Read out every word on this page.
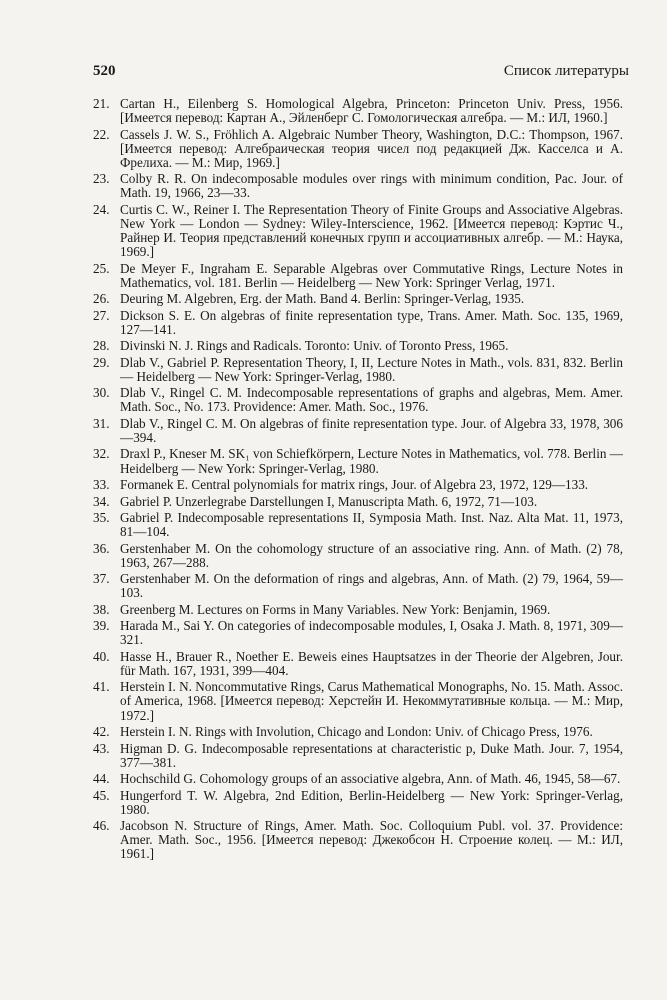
520	Список литературы
21. Cartan H., Eilenberg S. Homological Algebra, Princeton: Princeton Univ. Press, 1956. [Имеется перевод: Картан А., Эйленберг С. Гомологическая алгебра. — М.: ИЛ, 1960.]
22. Cassels J. W. S., Fröhlich A. Algebraic Number Theory, Washington, D.C.: Thompson, 1967. [Имеется перевод: Алгебраическая теория чисел под редакцией Дж. Касселса и А. Фрелиха. — М.: Мир, 1969.]
23. Colby R. R. On indecomposable modules over rings with minimum condition, Pac. Jour. of Math. 19, 1966, 23—33.
24. Curtis C. W., Reiner I. The Representation Theory of Finite Groups and Associative Algebras. New York — London — Sydney: Wiley-Interscience, 1962. [Имеется перевод: Кэртис Ч., Райнер И. Теория представлений конечных групп и ассоциативных алгебр. — М.: Наука, 1969.]
25. De Meyer F., Ingraham E. Separable Algebras over Commutative Rings, Lecture Notes in Mathematics, vol. 181. Berlin — Heidelberg — New York: Springer Verlag, 1971.
26. Deuring M. Algebren, Erg. der Math. Band 4. Berlin: Springer-Verlag, 1935.
27. Dickson S. E. On algebras of finite representation type, Trans. Amer. Math. Soc. 135, 1969, 127—141.
28. Divinski N. J. Rings and Radicals. Toronto: Univ. of Toronto Press, 1965.
29. Dlab V., Gabriel P. Representation Theory, I, II, Lecture Notes in Math., vols. 831, 832. Berlin — Heidelberg — New York: Springer-Verlag, 1980.
30. Dlab V., Ringel C. M. Indecomposable representations of graphs and algebras, Mem. Amer. Math. Soc., No. 173. Providence: Amer. Math. Soc., 1976.
31. Dlab V., Ringel C. M. On algebras of finite representation type. Jour. of Algebra 33, 1978, 306—394.
32. Draxl P., Kneser M. SK₁ von Schiefkörpern, Lecture Notes in Mathematics, vol. 778. Berlin — Heidelberg — New York: Springer-Verlag, 1980.
33. Formanek E. Central polynomials for matrix rings, Jour. of Algebra 23, 1972, 129—133.
34. Gabriel P. Unzerlegrabe Darstellungen I, Manuscripta Math. 6, 1972, 71—103.
35. Gabriel P. Indecomposable representations II, Symposia Math. Inst. Naz. Alta Mat. 11, 1973, 81—104.
36. Gerstenhaber M. On the cohomology structure of an associative ring. Ann. of Math. (2) 78, 1963, 267—288.
37. Gerstenhaber M. On the deformation of rings and algebras, Ann. of Math. (2) 79, 1964, 59—103.
38. Greenberg M. Lectures on Forms in Many Variables. New York: Benjamin, 1969.
39. Harada M., Sai Y. On categories of indecomposable modules, I, Osaka J. Math. 8, 1971, 309—321.
40. Hasse H., Brauer R., Noether E. Beweis eines Hauptsatzes in der Theorie der Algebren, Jour. für Math. 167, 1931, 399—404.
41. Herstein I. N. Noncommutative Rings, Carus Mathematical Monographs, No. 15. Math. Assoc. of America, 1968. [Имеется перевод: Херстейн И. Некоммутативные кольца. — М.: Мир, 1972.]
42. Herstein I. N. Rings with Involution, Chicago and London: Univ. of Chicago Press, 1976.
43. Higman D. G. Indecomposable representations at characteristic p, Duke Math. Jour. 7, 1954, 377—381.
44. Hochschild G. Cohomology groups of an associative algebra, Ann. of Math. 46, 1945, 58—67.
45. Hungerford T. W. Algebra, 2nd Edition, Berlin-Heidelberg — New York: Springer-Verlag, 1980.
46. Jacobson N. Structure of Rings, Amer. Math. Soc. Colloquium Publ. vol. 37. Providence: Amer. Math. Soc., 1956. [Имеется перевод: Джекобсон Н. Строение колец. — М.: ИЛ, 1961.]
